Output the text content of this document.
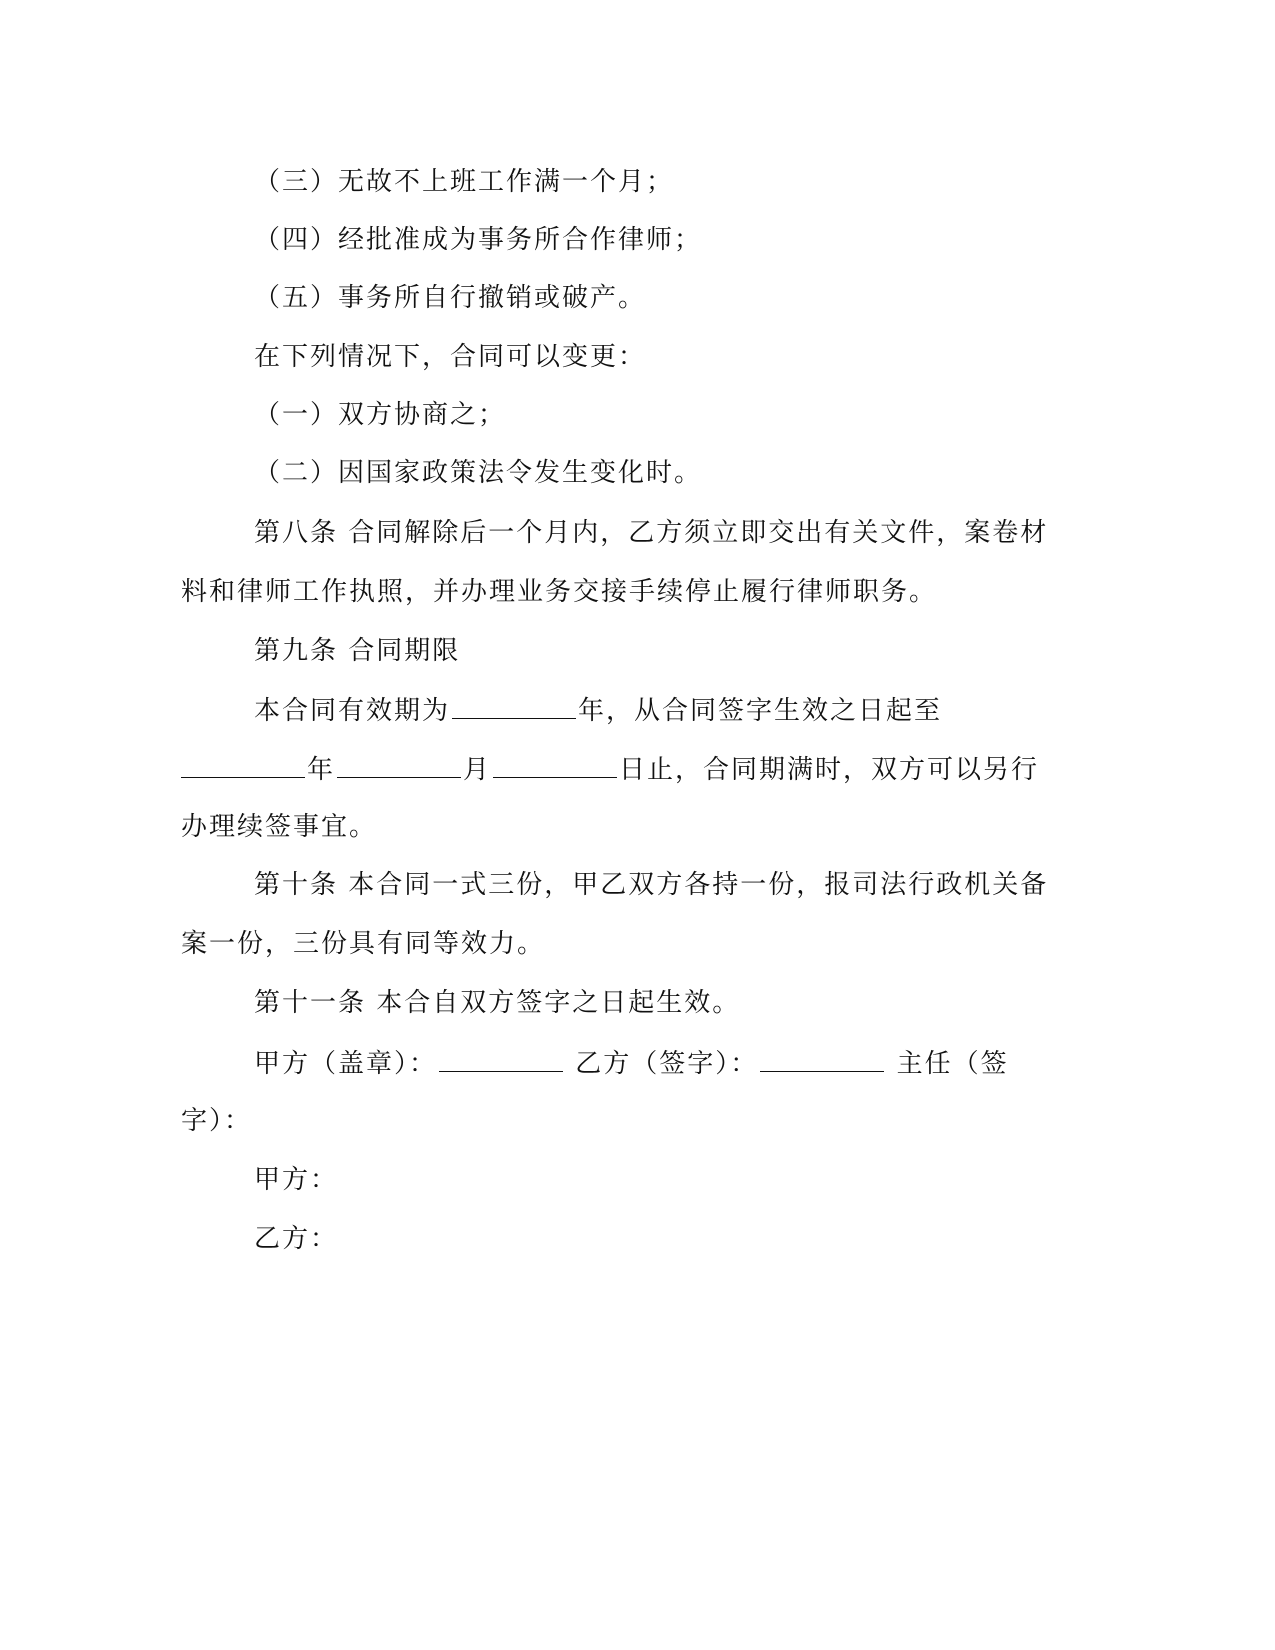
（三）无故不上班工作满一个月；
（四）经批准成为事务所合作律师；
（五）事务所自行撤销或破产。
在下列情况下，合同可以变更：
（一）双方协商之；
（二）因国家政策法令发生变化时。
第八条 合同解除后一个月内，乙方须立即交出有关文件，案卷材
料和律师工作执照，并办理业务交接手续停止履行律师职务。
第九条 合同期限
本合同有效期为	年，从合同签字生效之日起至
年	月	日止，合同期满时，双方可以另行
办理续签事宜。
第十条 本合同一式三份，甲乙双方各持一份，报司法行政机关备
案一份，三份具有同等效力。
第十一条 本合自双方签字之日起生效。
甲方（盖章）：	乙方（签字）：	主任（签
字）：
甲方：
乙方：
